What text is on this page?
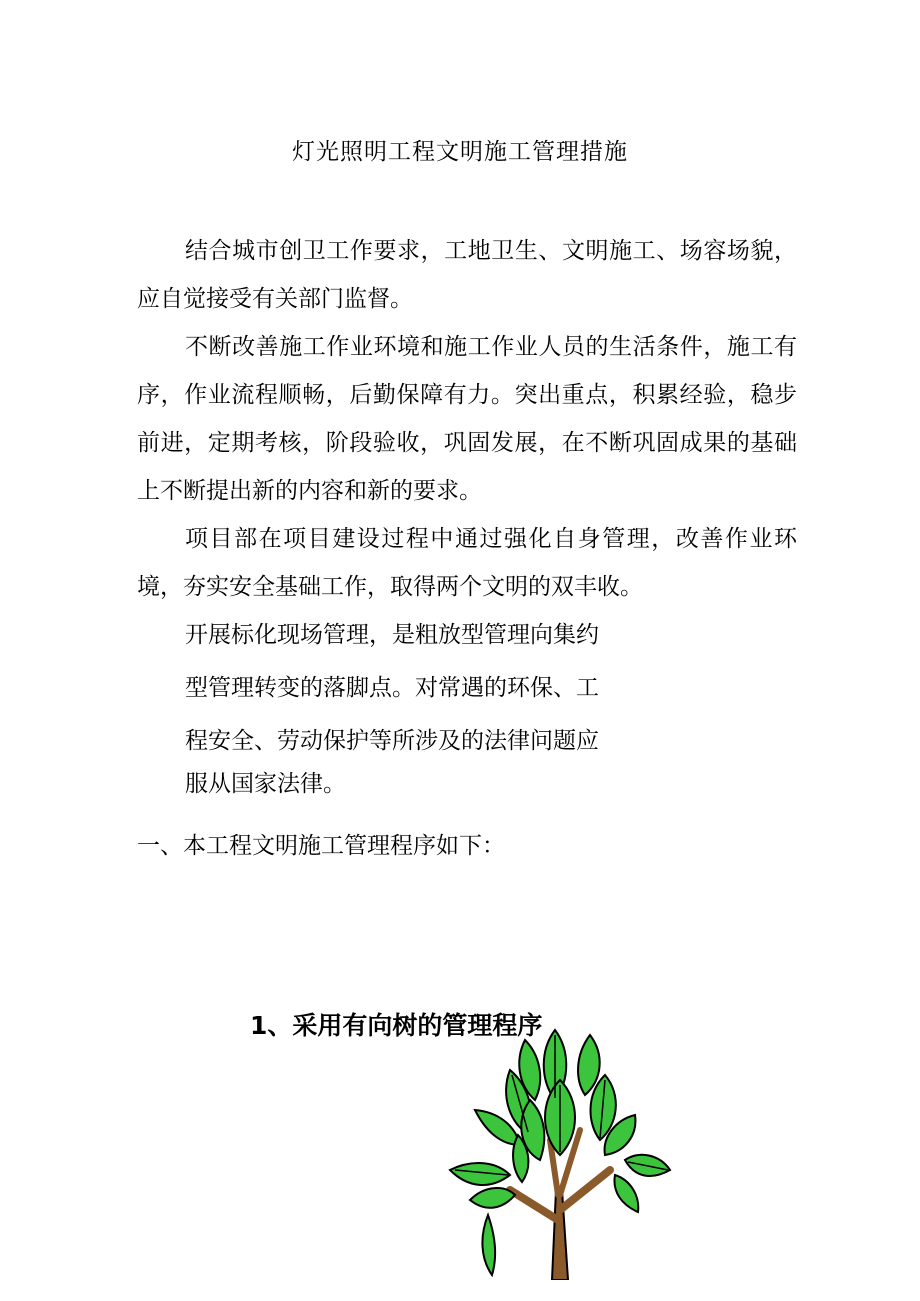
灯光照明工程文明施工管理措施

结合城市创卫工作要求，工地卫生、文明施工、场容场貌，应自觉接受有关部门监督。

不断改善施工作业环境和施工作业人员的生活条件，施工有序，作业流程顺畅，后勤保障有力。突出重点，积累经验，稳步前进，定期考核，阶段验收，巩固发展，在不断巩固成果的基础上不断提出新的内容和新的要求。

项目部在项目建设过程中通过强化自身管理，改善作业环境，夯实安全基础工作，取得两个文明的双丰收。

开展标化现场管理，是粗放型管理向集约

型管理转变的落脚点。对常遇的环保、工

程安全、劳动保护等所涉及的法律问题应

服从国家法律。

一、本工程文明施工管理程序如下：

1、采用有向树的管理程序
